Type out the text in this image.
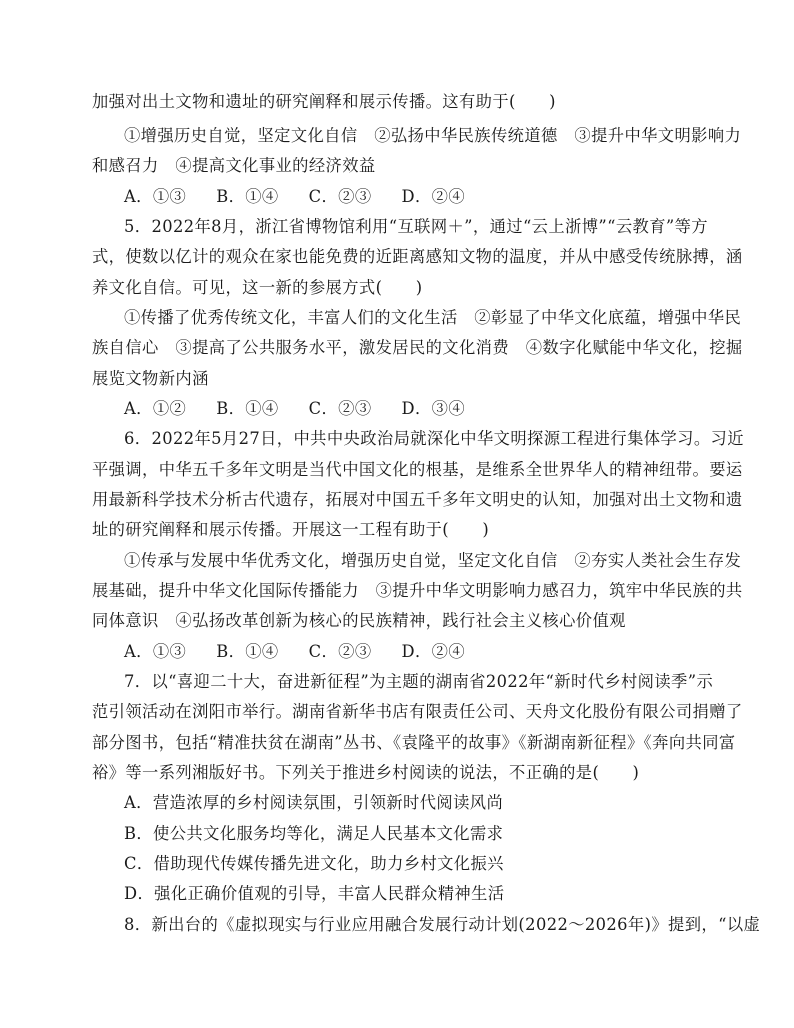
加强对出土文物和遗址的研究阐释和展示传播。这有助于(　　)
①增强历史自觉，坚定文化自信　②弘扬中华民族传统道德　③提升中华文明影响力
和感召力　④提高文化事业的经济效益
A．①③ B．①④ C．②③ D．②④
5．2022年8月，浙江省博物馆利用“互联网＋”，通过“云上浙博”“云教育”等方
式，使数以亿计的观众在家也能免费的近距离感知文物的温度，并从中感受传统脉搏，涵
养文化自信。可见，这一新的参展方式(　　)
①传播了优秀传统文化，丰富人们的文化生活　②彰显了中华文化底蕴，增强中华民
族自信心　③提高了公共服务水平，激发居民的文化消费　④数字化赋能中华文化，挖掘
展览文物新内涵
A．①② B．①④ C．②③ D．③④
6．2022年5月27日，中共中央政治局就深化中华文明探源工程进行集体学习。习近
平强调，中华五千多年文明是当代中国文化的根基，是维系全世界华人的精神纽带。要运
用最新科学技术分析古代遗存，拓展对中国五千多年文明史的认知，加强对出土文物和遗
址的研究阐释和展示传播。开展这一工程有助于(　　)
①传承与发展中华优秀文化，增强历史自觉，坚定文化自信　②夯实人类社会生存发
展基础，提升中华文化国际传播能力　③提升中华文明影响力感召力，筑牢中华民族的共
同体意识　④弘扬改革创新为核心的民族精神，践行社会主义核心价值观
A．①③ B．①④ C．②③ D．②④
7．以“喜迎二十大，奋进新征程”为主题的湖南省2022年“新时代乡村阅读季”示
范引领活动在浏阳市举行。湖南省新华书店有限责任公司、天舟文化股份有限公司捐赠了
部分图书，包括“精准扶贫在湖南”丛书、《袁隆平的故事》《新湖南新征程》《奔向共同富
裕》等一系列湘版好书。下列关于推进乡村阅读的说法，不正确的是(　　)
A．营造浓厚的乡村阅读氛围，引领新时代阅读风尚
B．使公共文化服务均等化，满足人民基本文化需求
C．借助现代传媒传播先进文化，助力乡村文化振兴
D．强化正确价值观的引导，丰富人民群众精神生活
8．新出台的《虚拟现实与行业应用融合发展行动计划(2022～2026年)》提到，“以虚
